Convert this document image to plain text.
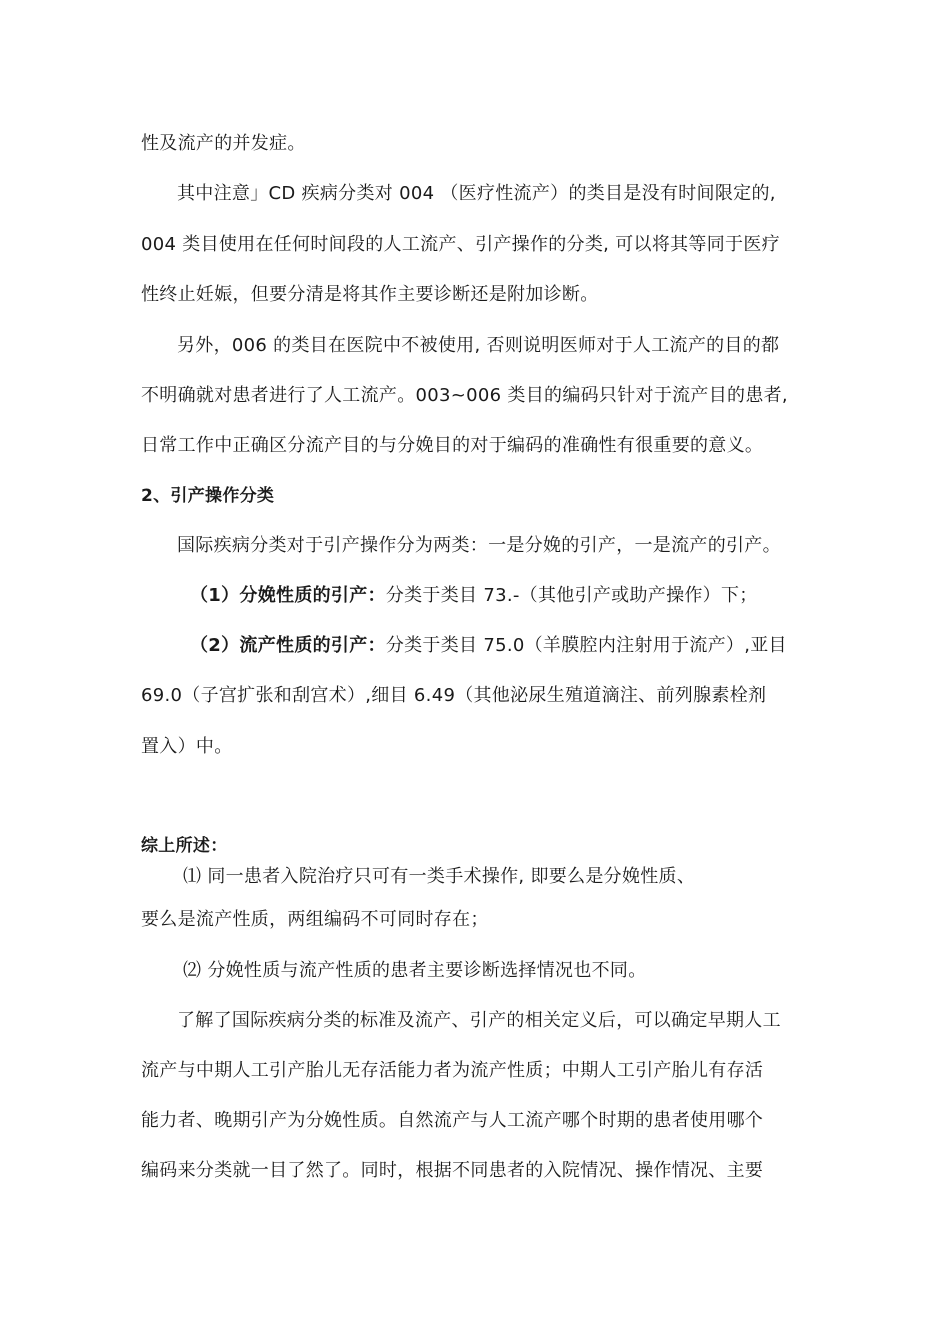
性及流产的并发症。
其中注意」CD 疾病分类对 004 （医疗性流产）的类目是没有时间限定的,
004 类目使用在任何时间段的人工流产、引产操作的分类, 可以将其等同于医疗
性终止妊娠，但要分清是将其作主要诊断还是附加诊断。
另外，006 的类目在医院中不被使用, 否则说明医师对于人工流产的目的都
不明确就对患者进行了人工流产。003~006 类目的编码只针对于流产目的患者,
日常工作中正确区分流产目的与分娩目的对于编码的准确性有很重要的意义。
2、引产操作分类
国际疾病分类对于引产操作分为两类：一是分娩的引产，一是流产的引产。
（1）分娩性质的引产：分类于类目 73.-（其他引产或助产操作）下；
（2）流产性质的引产：分类于类目 75.0（羊膜腔内注射用于流产）,亚目
69.0（子宫扩张和刮宫术）,细目 6.49（其他泌尿生殖道滴注、前列腺素栓剂
置入）中。
综上所述：
⑴ 同一患者入院治疗只可有一类手术操作, 即要么是分娩性质、
要么是流产性质，两组编码不可同时存在；
⑵ 分娩性质与流产性质的患者主要诊断选择情况也不同。
了解了国际疾病分类的标准及流产、引产的相关定义后，可以确定早期人工
流产与中期人工引产胎儿无存活能力者为流产性质；中期人工引产胎儿有存活
能力者、晚期引产为分娩性质。自然流产与人工流产哪个时期的患者使用哪个
编码来分类就一目了然了。同时，根据不同患者的入院情况、操作情况、主要
